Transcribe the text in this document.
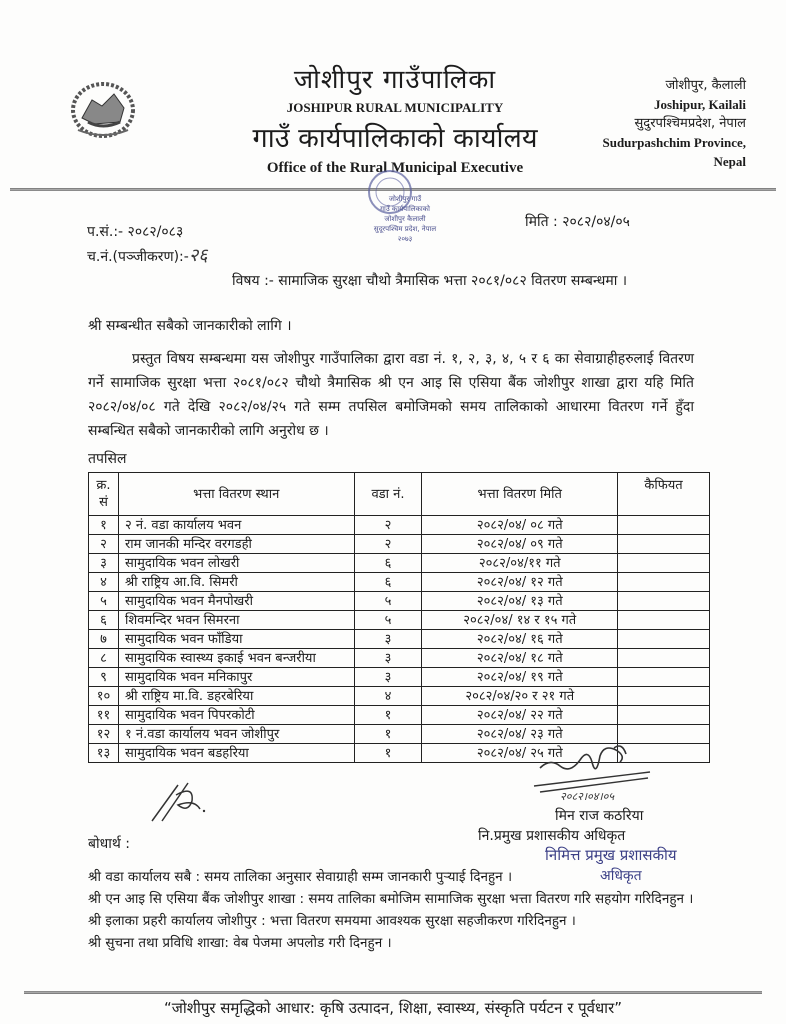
जोशीपुर गाउँपालिका
JOSHIPUR RURAL MUNICIPALITY
गाउँ कार्यपालिकाको कार्यालय
Office of the Rural Municipal Executive
जोशीपुर, कैलाली
Joshipur, Kailali
सुदुरपश्चिमप्रदेश, नेपाल
Sudurpashchim Province,
Nepal
जोशीपुर गाउँ
गाउँ कार्यपालिकाको
जोशीपुर कैलाली
सुदूरपश्चिम प्रदेश, नेपाल
२०७३
प.सं.:- २०८२/०८३
च.नं.(पञ्जीकरण):-२६
मिति : २०८२/०४/०५
विषय :- सामाजिक सुरक्षा चौथो त्रैमासिक भत्ता २०८१/०८२ वितरण सम्बन्धमा ।
श्री सम्बन्धीत सबैको जानकारीको लागि ।
प्रस्तुत विषय सम्बन्धमा यस जोशीपुर गाउँपालिका द्वारा वडा नं. १, २, ३, ४, ५ र ६ का सेवाग्राहीहरुलाई वितरण गर्ने सामाजिक सुरक्षा भत्ता २०८१/०८२ चौथो त्रैमासिक श्री एन आइ सि एसिया बैंक जोशीपुर शाखा द्वारा यहि मिति २०८२/०४/०८ गते देखि २०८२/०४/२५ गते सम्म तपसिल बमोजिमको समय तालिकाको आधारमा वितरण गर्ने हुँदा सम्बन्धित सबैको जानकारीको लागि अनुरोध छ ।
तपसिल
क्र.
सं	भत्ता वितरण स्थान	वडा नं.	भत्ता वितरण मिति	कैफियत
१	२ नं. वडा कार्यालय भवन	२	२०८२/०४/ ०८ गते	
२	राम जानकी मन्दिर वरगडही	२	२०८२/०४/ ०९ गते	
३	सामुदायिक भवन लोखरी	६	२०८२/०४/११ गते	
४	श्री राष्ट्रिय आ.वि. सिमरी	६	२०८२/०४/ १२ गते	
५	सामुदायिक भवन मैनपोखरी	५	२०८२/०४/ १३ गते	
६	शिवमन्दिर भवन सिमरना	५	२०८२/०४/ १४ र १५ गते	
७	सामुदायिक भवन फाँडिया	३	२०८२/०४/ १६ गते	
८	सामुदायिक स्वास्थ्य इकाई भवन बन्जरीया	३	२०८२/०४/ १८ गते	
९	सामुदायिक भवन मनिकापुर	३	२०८२/०४/ १९ गते	
१०	श्री राष्ट्रिय मा.वि. डहरबेरिया	४	२०८२/०४/२० र २१ गते	
११	सामुदायिक भवन पिपरकोटी	१	२०८२/०४/ २२ गते	
१२	१ नं.वडा कार्यालय भवन जोशीपुर	१	२०८२/०४/ २३ गते	
१३	सामुदायिक भवन बडहरिया	१	२०८२/०४/ २५ गते	
२०८२।०४।०५
मिन राज कठरिया
नि.प्रमुख प्रशासकीय अधिकृत
निमित्त प्रमुख प्रशासकीय
अधिकृत
बोधार्थ :
श्री वडा कार्यालय सबै : समय तालिका अनुसार सेवाग्राही सम्म जानकारी पुऱ्याई दिनहुन ।
श्री एन आइ सि एसिया बैंक जोशीपुर शाखा : समय तालिका बमोजिम सामाजिक सुरक्षा भत्ता वितरण गरि सहयोग गरिदिनहुन ।
श्री इलाका प्रहरी कार्यालय जोशीपुर : भत्ता वितरण समयमा आवश्यक सुरक्षा सहजीकरण गरिदिनहुन ।
श्री सुचना तथा प्रविधि शाखा: वेब पेजमा अपलोड गरी दिनहुन ।
“जोशीपुर समृद्धिको आधार: कृषि उत्पादन, शिक्षा, स्वास्थ्य, संस्कृति पर्यटन र पूर्वधार”
